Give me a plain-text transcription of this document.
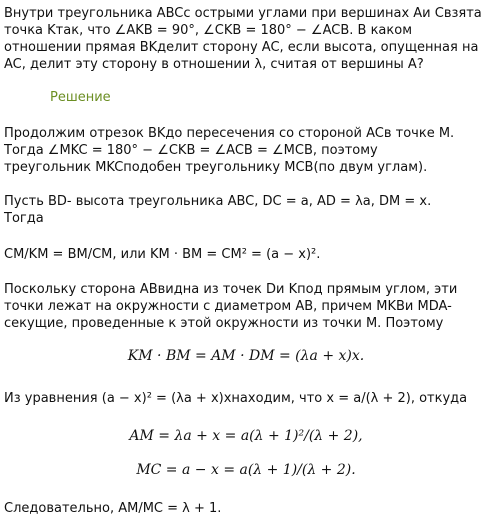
Внутри треугольника ABCс острыми углами при вершинах Aи Cвзята
точка Kтак, что ∠AKB = 90°, ∠CKB = 180° − ∠ACB. В каком
отношении прямая BKделит сторону AC, если высота, опущенная на
AC, делит эту сторону в отношении λ, считая от вершины A?
Решение
Продолжим отрезок BKдо пересечения со стороной ACв точке M.
Тогда ∠MKC = 180° − ∠CKB = ∠ACB = ∠MCB, поэтому
треугольник MKCподобен треугольнику MCB(по двум углам).
Пусть BD- высота треугольника ABC, DC = a, AD = λa, DM = x.
Тогда
CM/KM = BM/CM, или KM · BM = CM² = (a − x)².
Поскольку сторона ABвидна из точек Dи Kпод прямым углом, эти
точки лежат на окружности с диаметром AB, причем MKBи MDA-
секущие, проведенные к этой окружности из точки M. Поэтому
KM · BM = AM · DM = (λa + x)x.
Из уравнения (a − x)² = (λa + x)xнаходим, что x = a/(λ + 2), откуда
AM = λa + x = a(λ + 1)²/(λ + 2),
MC = a − x = a(λ + 1)/(λ + 2).
Следовательно, AM/MC = λ + 1.
